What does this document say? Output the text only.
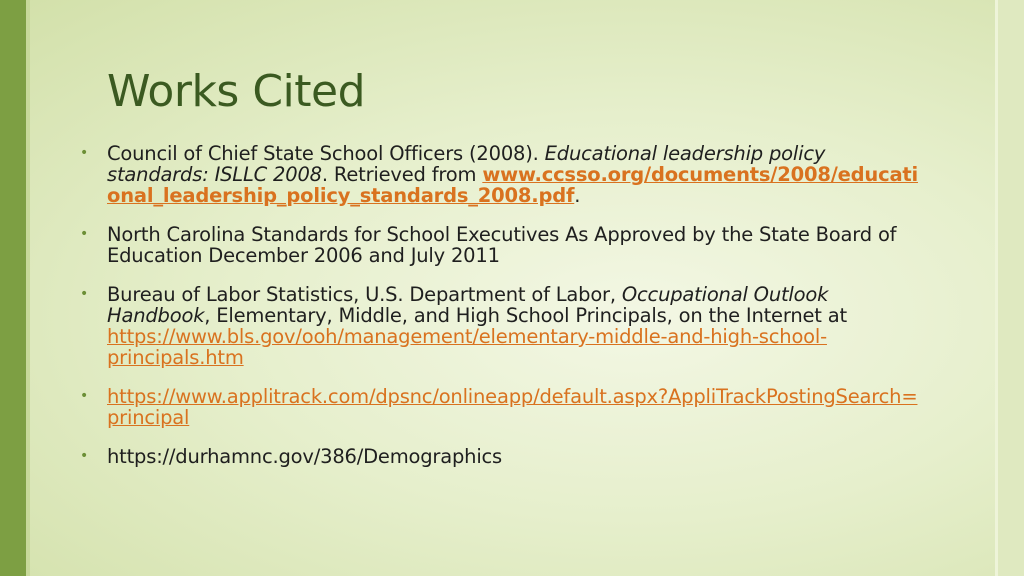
Works Cited
• Council of Chief State School Officers (2008). Educational leadership policy standards: ISLLC 2008. Retrieved from www.ccsso.org/documents/2008/educational_leadership_policy_standards_2008.pdf.
• North Carolina Standards for School Executives As Approved by the State Board of Education December 2006 and July 2011
• Bureau of Labor Statistics, U.S. Department of Labor, Occupational Outlook Handbook, Elementary, Middle, and High School Principals, on the Internet at https://www.bls.gov/ooh/management/elementary-middle-and-high-school-principals.htm
• https://www.applitrack.com/dpsnc/onlineapp/default.aspx?AppliTrackPostingSearch=principal
• https://durhamnc.gov/386/Demographics
